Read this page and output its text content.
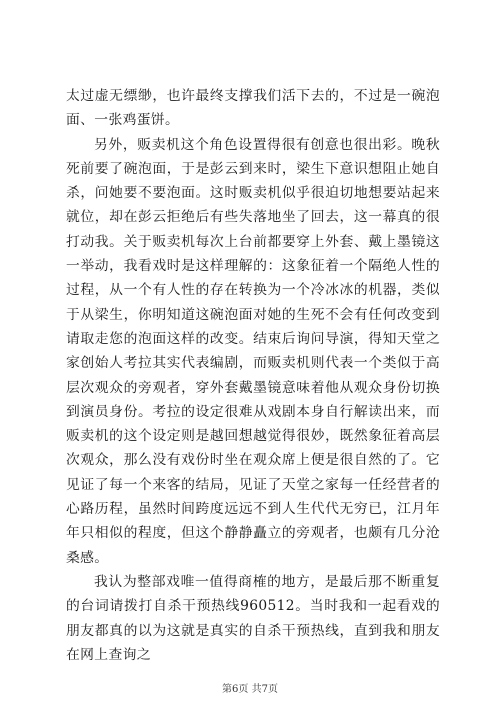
太过虚无缥缈，也许最终支撑我们活下去的，不过是一碗泡面、一张鸡蛋饼。

另外，贩卖机这个角色设置得很有创意也很出彩。晚秋死前要了碗泡面，于是彭云到来时，梁生下意识想阻止她自杀，问她要不要泡面。这时贩卖机似乎很迫切地想要站起来就位，却在彭云拒绝后有些失落地坐了回去，这一幕真的很打动我。关于贩卖机每次上台前都要穿上外套、戴上墨镜这一举动，我看戏时是这样理解的：这象征着一个隔绝人性的过程，从一个有人性的存在转换为一个冷冰冰的机器，类似于从梁生，你明知道这碗泡面对她的生死不会有任何改变到请取走您的泡面这样的改变。结束后询问导演，得知天堂之家创始人考拉其实代表编剧，而贩卖机则代表一个类似于高层次观众的旁观者，穿外套戴墨镜意味着他从观众身份切换到演员身份。考拉的设定很难从戏剧本身自行解读出来，而贩卖机的这个设定则是越回想越觉得很妙，既然象征着高层次观众，那么没有戏份时坐在观众席上便是很自然的了。它见证了每一个来客的结局，见证了天堂之家每一任经营者的心路历程，虽然时间跨度远远不到人生代代无穷已，江月年年只相似的程度，但这个静静矗立的旁观者，也颇有几分沧桑感。

我认为整部戏唯一值得商榷的地方，是最后那不断重复的台词请拨打自杀干预热线960512。当时我和一起看戏的朋友都真的以为这就是真实的自杀干预热线，直到我和朋友在网上查询之

第6页 共7页
